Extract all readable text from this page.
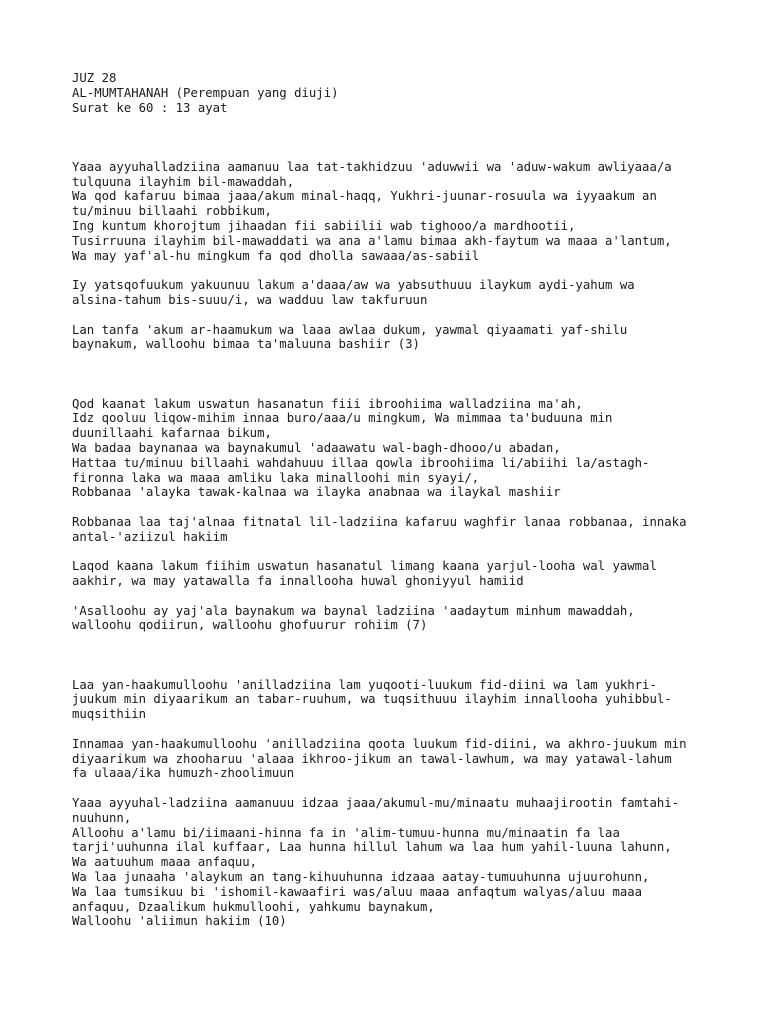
JUZ 28
AL-MUMTAHANAH (Perempuan yang diuji)
Surat ke 60 : 13 ayat
Yaaa ayyuhalladziina aamanuu laa tat-takhidzuu 'aduwwii wa 'aduw-wakum awliyaaa/a
tulquuna ilayhim bil-mawaddah,
Wa qod kafaruu bimaa jaaa/akum minal-haqq, Yukhri-juunar-rosuula wa iyyaakum an
tu/minuu billaahi robbikum,
Ing kuntum khorojtum jihaadan fii sabiilii wab tighooo/a mardhootii,
Tusirruuna ilayhim bil-mawaddati wa ana a'lamu bimaa akh-faytum wa maaa a'lantum,
Wa may yaf'al-hu mingkum fa qod dholla sawaaa/as-sabiil
Iy yatsqofuukum yakuunuu lakum a'daaa/aw wa yabsuthuuu ilaykum aydi-yahum wa
alsina-tahum bis-suuu/i, wa wadduu law takfuruun
Lan tanfa 'akum ar-haamukum wa laaa awlaa dukum, yawmal qiyaamati yaf-shilu
baynakum, walloohu bimaa ta'maluuna bashiir (3)
Qod kaanat lakum uswatun hasanatun fiii ibroohiima walladziina ma'ah,
Idz qooluu liqow-mihim innaa buro/aaa/u mingkum, Wa mimmaa ta'buduuna min
duunillaahi kafarnaa bikum,
Wa badaa baynanaa wa baynakumul 'adaawatu wal-bagh-dhooo/u abadan,
Hattaa tu/minuu billaahi wahdahuuu illaa qowla ibroohiima li/abiihi la/astagh-
fironna laka wa maaa amliku laka minalloohi min syayi/,
Robbanaa 'alayka tawak-kalnaa wa ilayka anabnaa wa ilaykal mashiir
Robbanaa laa taj'alnaa fitnatal lil-ladziina kafaruu waghfir lanaa robbanaa, innaka
antal-'aziizul hakiim
Laqod kaana lakum fiihim uswatun hasanatul limang kaana yarjul-looha wal yawmal
aakhir, wa may yatawalla fa innallooha huwal ghoniyyul hamiid
'Asalloohu ay yaj'ala baynakum wa baynal ladziina 'aadaytum minhum mawaddah,
walloohu qodiirun, walloohu ghofuurur rohiim (7)
Laa yan-haakumulloohu 'anilladziina lam yuqooti-luukum fid-diini wa lam yukhri-
juukum min diyaarikum an tabar-ruuhum, wa tuqsithuuu ilayhim innallooha yuhibbul-
muqsithiin
Innamaa yan-haakumulloohu 'anilladziina qoota luukum fid-diini, wa akhro-juukum min
diyaarikum wa zhooharuu 'alaaa ikhroo-jikum an tawal-lawhum, wa may yatawal-lahum
fa ulaaa/ika humuzh-zhoolimuun
Yaaa ayyuhal-ladziina aamanuuu idzaa jaaa/akumul-mu/minaatu muhaajirootin famtahi-
nuuhunn,
Alloohu a'lamu bi/iimaani-hinna fa in 'alim-tumuu-hunna mu/minaatin fa laa
tarji'uuhunna ilal kuffaar, Laa hunna hillul lahum wa laa hum yahil-luuna lahunn,
Wa aatuuhum maaa anfaquu,
Wa laa junaaha 'alaykum an tang-kihuuhunna idzaaa aatay-tumuuhunna ujuurohunn,
Wa laa tumsikuu bi 'ishomil-kawaafiri was/aluu maaa anfaqtum walyas/aluu maaa
anfaquu, Dzaalikum hukmulloohi, yahkumu baynakum,
Walloohu 'aliimun hakiim (10)
